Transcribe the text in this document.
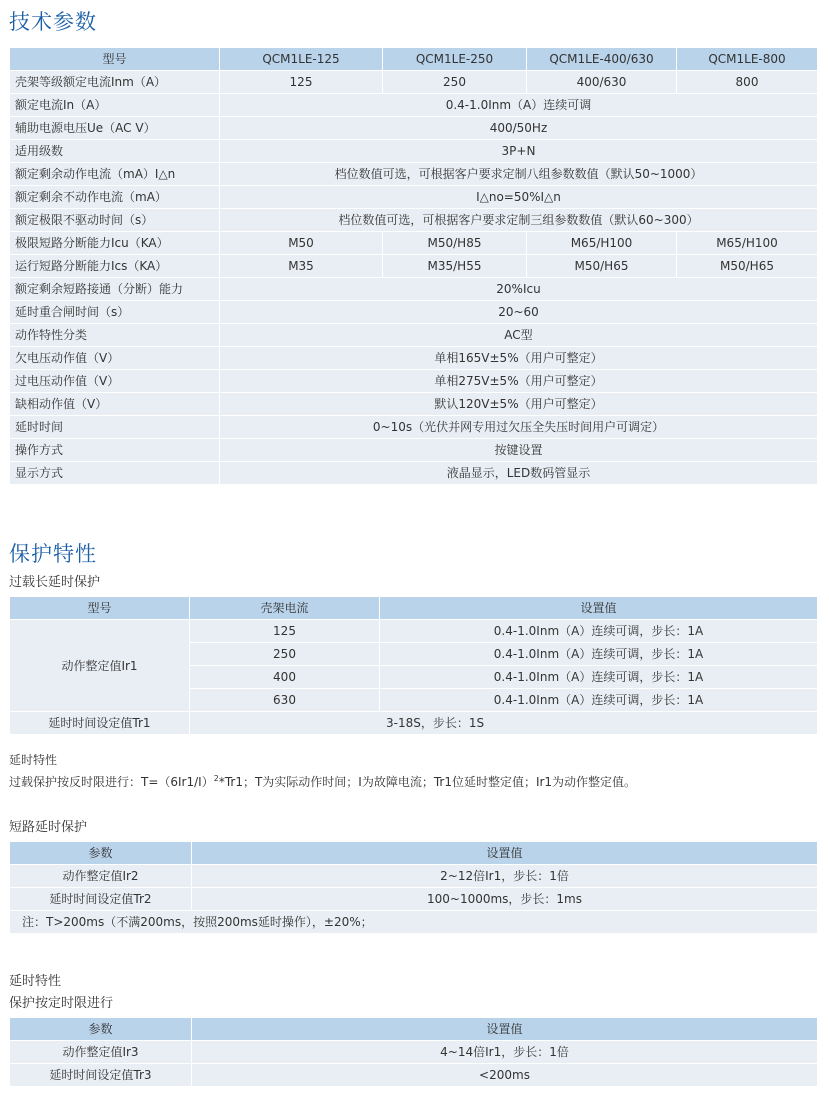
技术参数
型号	QCM1LE-125	QCM1LE-250	QCM1LE-400/630	QCM1LE-800
壳架等级额定电流Inm（A）	125	250	400/630	800
额定电流In（A）	0.4-1.0Inm（A）连续可调			
辅助电源电压Ue（AC V）	400/50Hz			
适用级数	3P+N			
额定剩余动作电流（mA）I△n	档位数值可选，可根据客户要求定制八组参数数值（默认50~1000）			
额定剩余不动作电流（mA）	I△no=50%I△n			
额定极限不驱动时间（s）	档位数值可选，可根据客户要求定制三组参数数值（默认60~300）			
极限短路分断能力Icu（KA）	M50	M50/H85	M65/H100	M65/H100
运行短路分断能力Ics（KA）	M35	M35/H55	M50/H65	M50/H65
额定剩余短路接通（分断）能力	20%Icu			
延时重合闸时间（s）	20~60			
动作特性分类	AC型			
欠电压动作值（V）	单相165V±5%（用户可整定）			
过电压动作值（V）	单相275V±5%（用户可整定）			
缺相动作值（V）	默认120V±5%（用户可整定）			
延时时间	0~10s（光伏并网专用过欠压全失压时间用户可调定）			
操作方式	按键设置			
显示方式	液晶显示，LED数码管显示			
保护特性

过载长延时保护

型号	壳架电流	设置值
动作整定值Ir1	125	0.4-1.0Inm（A）连续可调，步长：1A
	250	0.4-1.0Inm（A）连续可调，步长：1A
	400	0.4-1.0Inm（A）连续可调，步长：1A
	630	0.4-1.0Inm（A）连续可调，步长：1A
延时时间设定值Tr1	3-18S，步长：1S	

延时特性

过载保护按反时限进行：$T=(6Ir1/I)^2*Tr1$；T为实际动作时间；I为故障电流；Tr1位延时整定值；Ir1为动作整定值。

短路延时保护

参数	设置值
动作整定值Ir2	2~12倍Ir1，步长：1倍
延时时间设定值Tr2	100~1000ms，步长：1ms
注：T>200ms（不满200ms，按照200ms延时操作），±20%；	

延时特性

保护按定时限进行

参数	设置值
动作整定值Ir3	4~14倍Ir1，步长：1倍
延时时间设定值Tr3	<200ms
